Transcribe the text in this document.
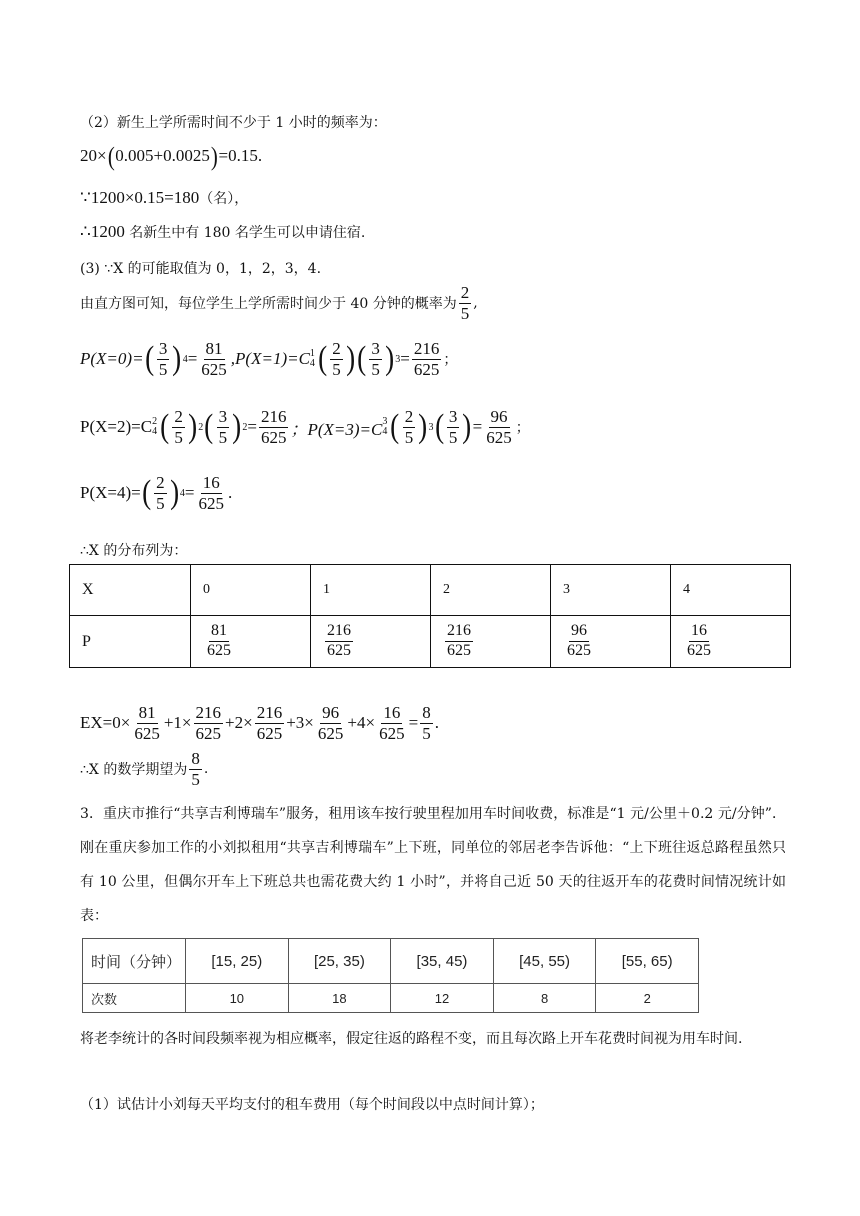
（2）新生上学所需时间不少于 1 小时的频率为：
20×(0.005+0.0025)=0.15.
∵1200×0.15=180（名），
∴1200 名新生中有 180 名学生可以申请住宿.
(3) ∵X 的可能取值为 0，1，2，3，4.
由直方图可知，每位学生上学所需时间少于 40 分钟的概率为 $\frac{2}{5}$ ,
P(X=0)= ( $\frac{3}{5}$ ) $4 = \frac{81}{625} ,P(X=1)=C$ 1
4 ( $\frac{2}{5}$ ) ( $\frac{3}{5}$ ) $3 = \frac{216}{625}$ ；
P(X=2)=C 2
4 ( $\frac{2}{5}$ ) 2 ( $\frac{3}{5}$ ) $2 = \frac{216}{625}$ ；P(X=3)=C 3
4 ( $\frac{2}{5}$ ) 3 ( $\frac{3}{5}$ ) = $\frac{96}{625}$ ；
P(X=4)= ( $\frac{2}{5}$ ) $4 = \frac{16}{625}$ .
∴X 的分布列为：
X	0	1	2	3	4
P	$\frac{81}{625}$	$\frac{216}{625}$	$\frac{216}{625}$	$\frac{96}{625}$	$\frac{16}{625}$
$EX=0\times \frac{81}{625} +1\times \frac{216}{625} +2\times \frac{216}{625} +3\times \frac{96}{625} +4\times \frac{16}{625} = \frac{8}{5}$ .
∴X 的数学期望为 $\frac{8}{5}$ .
3．重庆市推行“共享吉利博瑞车”服务，租用该车按行驶里程加用车时间收费，标准是“1 元/公里＋0.2 元/分钟”．刚在重庆参加工作的小刘拟租用“共享吉利博瑞车”上下班，同单位的邻居老李告诉他：“上下班往返总路程虽然只有 10 公里，但偶尔开车上下班总共也需花费大约 1 小时”，并将自己近 50 天的往返开车的花费时间情况统计如表：
时间（分钟）	[15, 25)	[25, 35)	[35, 45)	[45, 55)	[55, 65)
次数	10	18	12	8	2
将老李统计的各时间段频率视为相应概率，假定往返的路程不变，而且每次路上开车花费时间视为用车时间.
（1）试估计小刘每天平均支付的租车费用（每个时间段以中点时间计算）；
